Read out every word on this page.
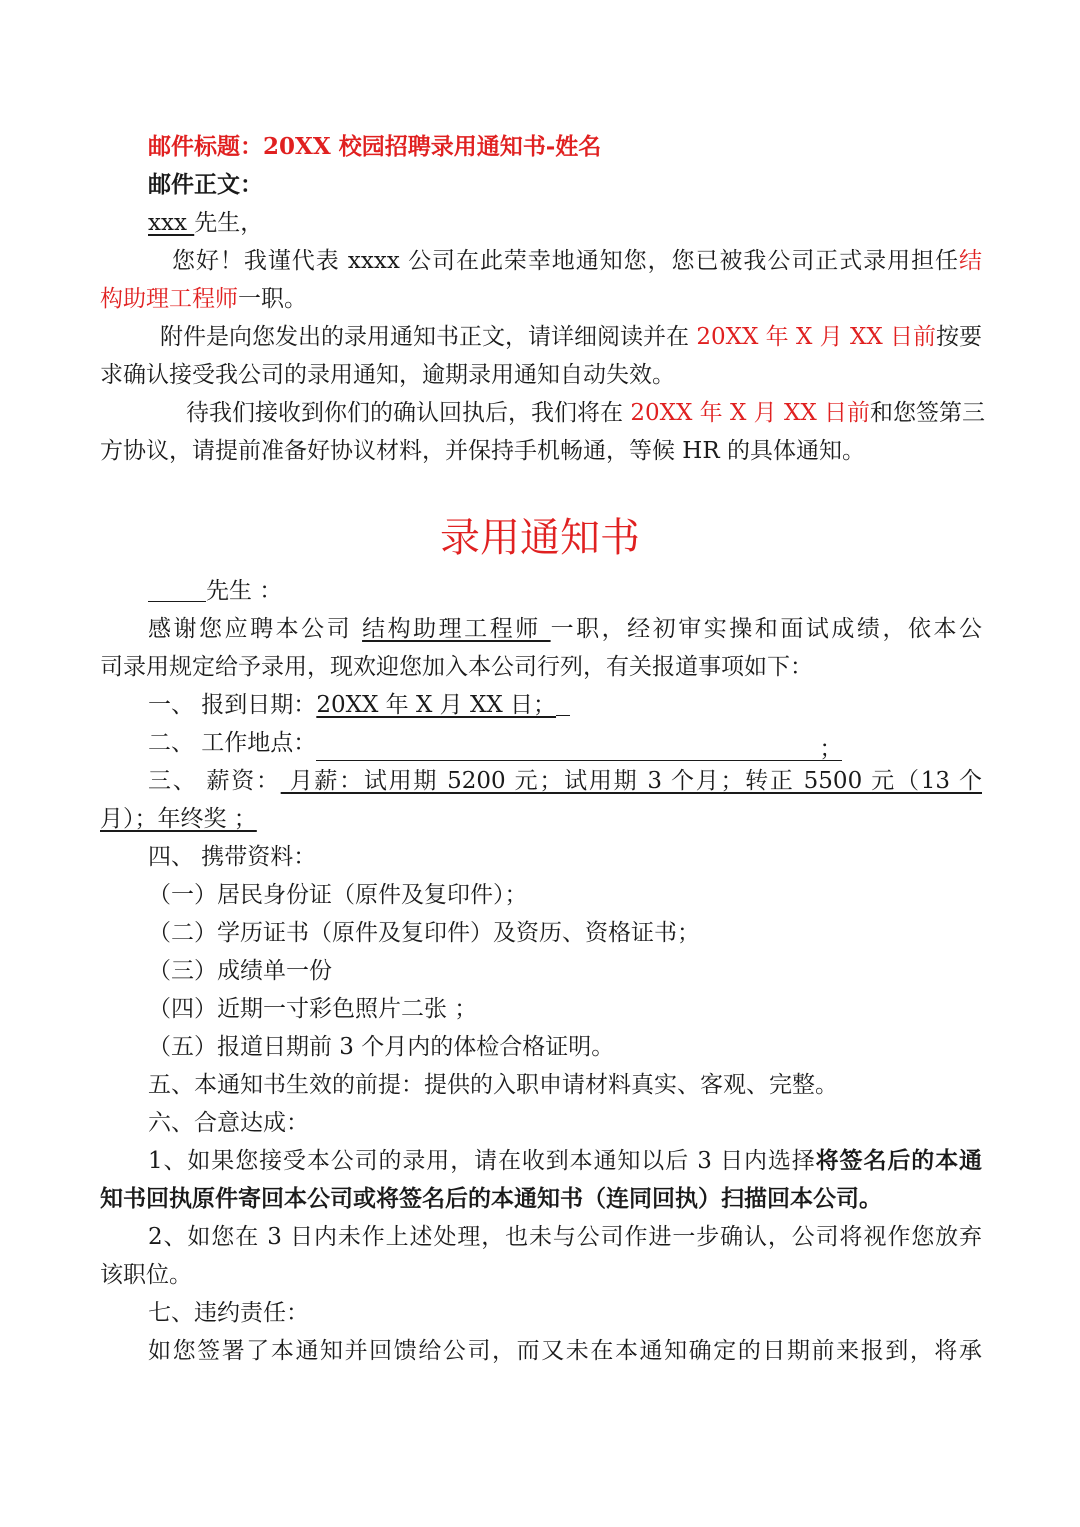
邮件标题：20XX 校园招聘录用通知书-姓名
邮件正文：
xxx 先生，
您好！我谨代表 xxxx 公司在此荣幸地通知您，您已被我公司正式录用担任结
构助理工程师一职。
附件是向您发出的录用通知书正文，请详细阅读并在 20XX 年 X 月 XX 日前按要
求确认接受我公司的录用通知，逾期录用通知自动失效。
待我们接收到你们的确认回执后，我们将在 20XX 年 X 月 XX 日前和您签第三
方协议，请提前准备好协议材料，并保持手机畅通，等候 HR 的具体通知。
录用通知书
先生 ：
感谢您应聘本公司 结构助理工程师 一职，经初审实操和面试成绩，依本公
司录用规定给予录用，现欢迎您加入本公司行列，有关报道事项如下：
一、 报到日期：20XX 年 X 月 XX 日；
二、 工作地点：	；
三、 薪资： 月薪：试用期 5200 元；试用期 3 个月；转正 5500 元（13 个
月）；年终奖 ；
四、 携带资料：
（一）居民身份证（原件及复印件）；
（二）学历证书（原件及复印件）及资历、资格证书；
（三）成绩单一份
（四）近期一寸彩色照片二张 ；
（五）报道日期前 3 个月内的体检合格证明。
五、本通知书生效的前提：提供的入职申请材料真实、客观、完整。
六、合意达成：
1、如果您接受本公司的录用，请在收到本通知以后 3 日内选择将签名后的本通
知书回执原件寄回本公司或将签名后的本通知书（连同回执）扫描回本公司。
2、如您在 3 日内未作上述处理，也未与公司作进一步确认，公司将视作您放弃
该职位。
七、违约责任：
如您签署了本通知并回馈给公司，而又未在本通知确定的日期前来报到，将承
